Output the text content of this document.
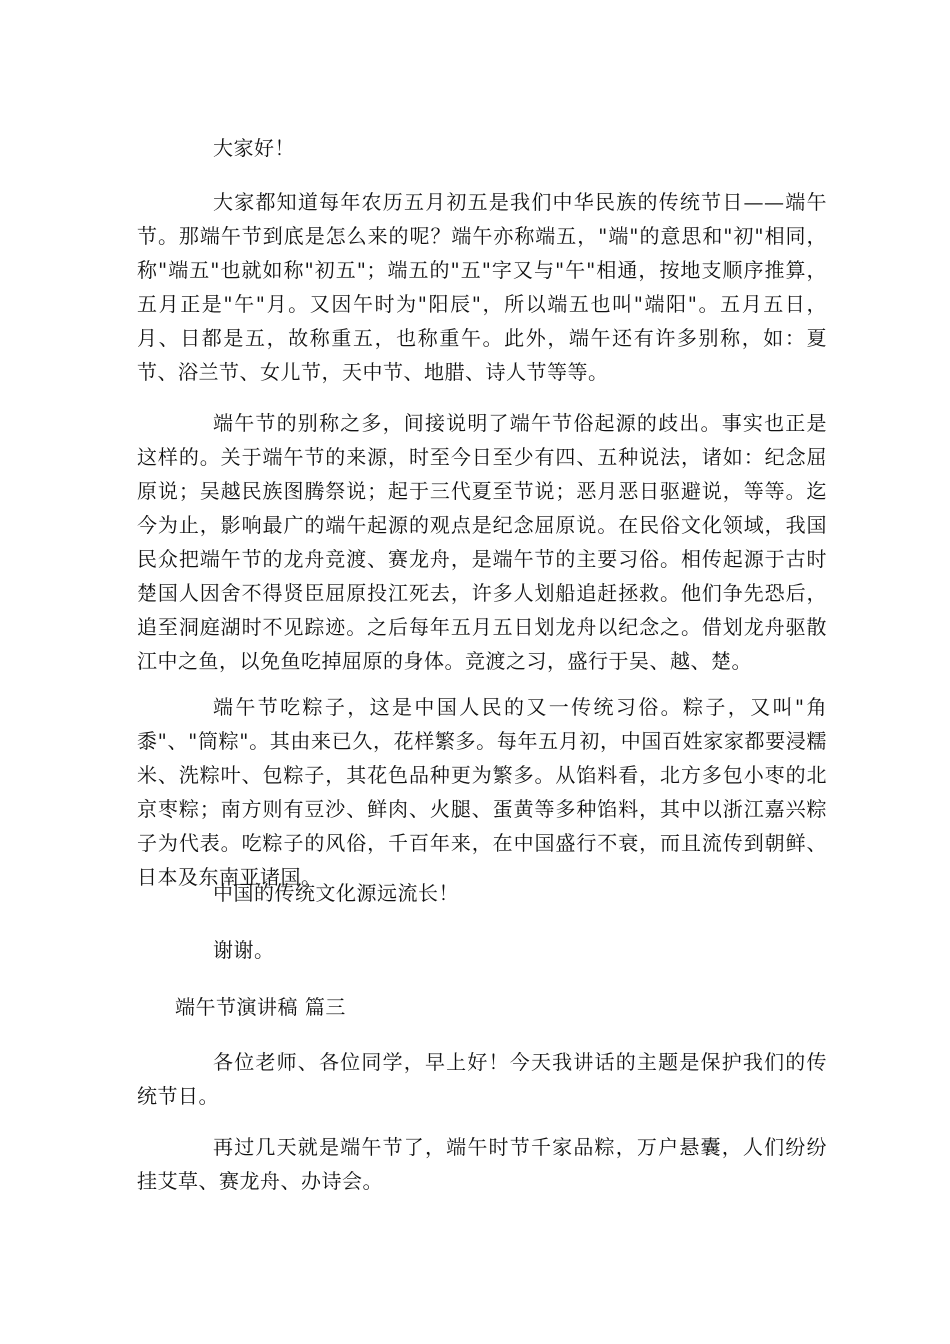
大家好！

大家都知道每年农历五月初五是我们中华民族的传统节日——端午节。那端午节到底是怎么来的呢？端午亦称端五，"端"的意思和"初"相同，称"端五"也就如称"初五"；端五的"五"字又与"午"相通，按地支顺序推算，五月正是"午"月。又因午时为"阳辰"，所以端五也叫"端阳"。五月五日，月、日都是五，故称重五，也称重午。此外，端午还有许多别称，如：夏节、浴兰节、女儿节，天中节、地腊、诗人节等等。

端午节的别称之多，间接说明了端午节俗起源的歧出。事实也正是这样的。关于端午节的来源，时至今日至少有四、五种说法，诸如：纪念屈原说；吴越民族图腾祭说；起于三代夏至节说；恶月恶日驱避说，等等。迄今为止，影响最广的端午起源的观点是纪念屈原说。在民俗文化领域，我国民众把端午节的龙舟竞渡、赛龙舟，是端午节的主要习俗。相传起源于古时楚国人因舍不得贤臣屈原投江死去，许多人划船追赶拯救。他们争先恐后，追至洞庭湖时不见踪迹。之后每年五月五日划龙舟以纪念之。借划龙舟驱散江中之鱼，以免鱼吃掉屈原的身体。竞渡之习，盛行于吴、越、楚。

端午节吃粽子，这是中国人民的又一传统习俗。粽子，又叫"角黍"、"筒粽"。其由来已久，花样繁多。每年五月初，中国百姓家家都要浸糯米、洗粽叶、包粽子，其花色品种更为繁多。从馅料看，北方多包小枣的北京枣粽；南方则有豆沙、鲜肉、火腿、蛋黄等多种馅料，其中以浙江嘉兴粽子为代表。吃粽子的风俗，千百年来，在中国盛行不衰，而且流传到朝鲜、日本及东南亚诸国。

中国的传统文化源远流长！

谢谢。

端午节演讲稿 篇三

各位老师、各位同学，早上好！今天我讲话的主题是保护我们的传统节日。

再过几天就是端午节了，端午时节千家品粽，万户悬囊，人们纷纷挂艾草、赛龙舟、办诗会。
